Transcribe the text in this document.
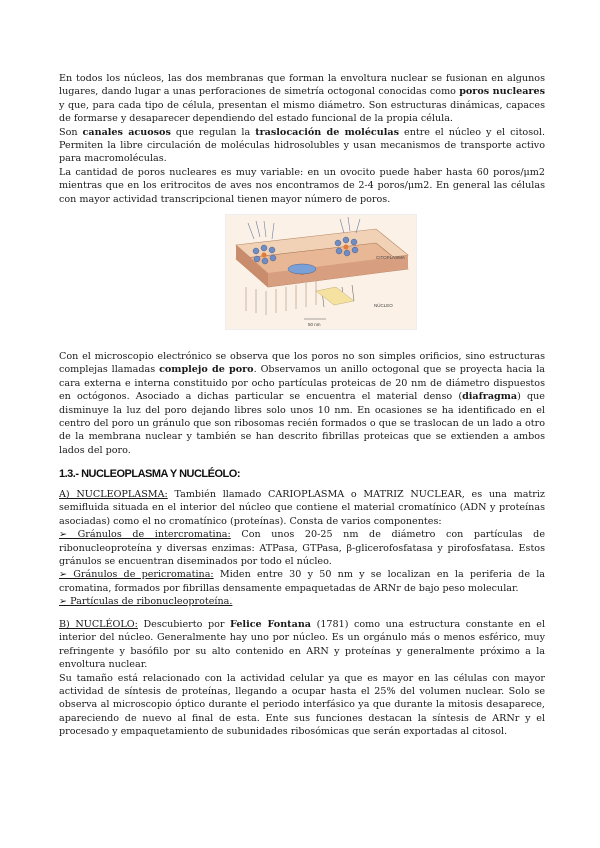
En todos los núcleos, las dos membranas que forman la envoltura nuclear se fusionan en algunos lugares, dando lugar a unas perforaciones de simetría octogonal conocidas como poros nucleares y que, para cada tipo de célula, presentan el mismo diámetro. Son estructuras dinámicas, capaces de formarse y desaparecer dependiendo del estado funcional de la propia célula.

Son canales acuosos que regulan la traslocación de moléculas entre el núcleo y el citosol. Permiten la libre circulación de moléculas hidrosolubles y usan mecanismos de transporte activo para macromoléculas.

La cantidad de poros nucleares es muy variable: en un ovocito puede haber hasta 60 poros/μm2 mientras que en los eritrocitos de aves nos encontramos de 2-4 poros/μm2. En general las células con mayor actividad transcripcional tienen mayor número de poros.

CITOPLASMA
NÚCLEO
50 nm

Con el microscopio electrónico se observa que los poros no son simples orificios, sino estructuras complejas llamadas complejo de poro. Observamos un anillo octogonal que se proyecta hacia la cara externa e interna constituido por ocho partículas proteicas de 20 nm de diámetro dispuestos en octógonos. Asociado a dichas particular se encuentra el material denso (diafragma) que disminuye la luz del poro dejando libres solo unos 10 nm. En ocasiones se ha identificado en el centro del poro un gránulo que son ribosomas recién formados o que se traslocan de un lado a otro de la membrana nuclear y también se han descrito fibrillas proteicas que se extienden a ambos lados del poro.

1.3.- NUCLEOPLASMA Y NUCLÉOLO:

A) NUCLEOPLASMA: También llamado CARIOPLASMA o MATRIZ NUCLEAR, es una matriz semifluida situada en el interior del núcleo que contiene el material cromatínico (ADN y proteínas asociadas) como el no cromatínico (proteínas). Consta de varios componentes:

➢ Gránulos de intercromatina: Con unos 20-25 nm de diámetro con partículas de ribonucleoproteína y diversas enzimas: ATPasa, GTPasa, β-glicerofosfatasa y pirofosfatasa. Estos gránulos se encuentran diseminados por todo el núcleo.

➢ Gránulos de pericromatina: Miden entre 30 y 50 nm y se localizan en la periferia de la cromatina, formados por fibrillas densamente empaquetadas de ARNr de bajo peso molecular.

➢ Partículas de ribonucleoproteína.

B) NUCLÉOLO: Descubierto por Felice Fontana (1781) como una estructura constante en el interior del núcleo. Generalmente hay uno por núcleo. Es un orgánulo más o menos esférico, muy refringente y basófilo por su alto contenido en ARN y proteínas y generalmente próximo a la envoltura nuclear.

Su tamaño está relacionado con la actividad celular ya que es mayor en las células con mayor actividad de síntesis de proteínas, llegando a ocupar hasta el 25% del volumen nuclear. Solo se observa al microscopio óptico durante el periodo interfásico ya que durante la mitosis desaparece, apareciendo de nuevo al final de esta. Ente sus funciones destacan la síntesis de ARNr y el procesado y empaquetamiento de subunidades ribosómicas que serán exportadas al citosol.
